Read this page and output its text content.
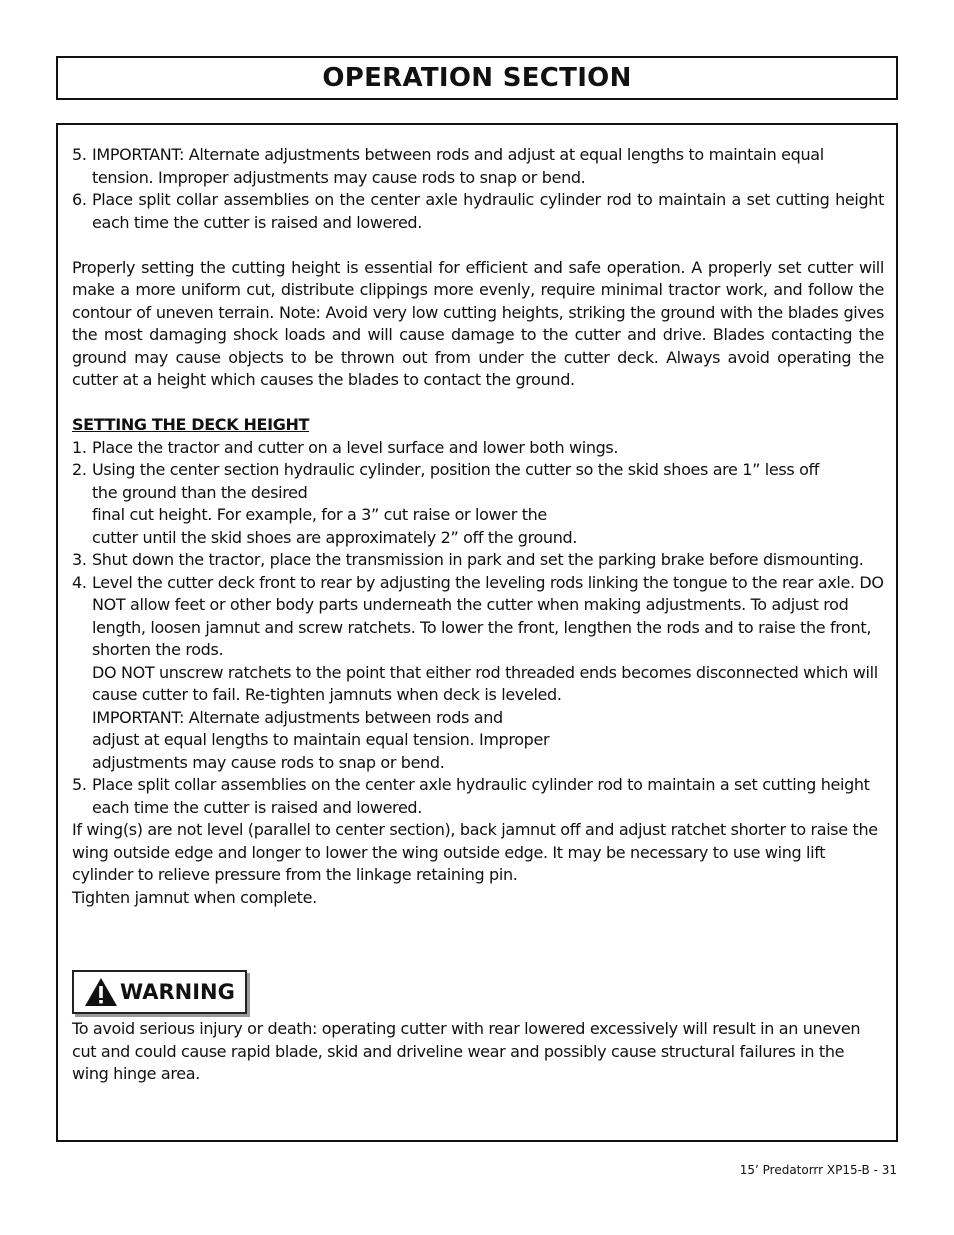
OPERATION SECTION
5. IMPORTANT: Alternate adjustments between rods and adjust at equal lengths to maintain equal tension. Improper adjustments may cause rods to snap or bend.
6. Place split collar assemblies on the center axle hydraulic cylinder rod to maintain a set cutting height each time the cutter is raised and lowered.
Properly setting the cutting height is essential for efficient and safe operation. A properly set cutter will make a more uniform cut, distribute clippings more evenly, require minimal tractor work, and follow the contour of uneven terrain. Note: Avoid very low cutting heights, striking the ground with the blades gives the most damaging shock loads and will cause damage to the cutter and drive. Blades contacting the ground may cause objects to be thrown out from under the cutter deck. Always avoid operating the cutter at a height which causes the blades to contact the ground.
SETTING THE DECK HEIGHT
1. Place the tractor and cutter on a level surface and lower both wings.
2. Using the center section hydraulic cylinder, position the cutter so the skid shoes are 1” less off
the ground than the desired
final cut height. For example, for a 3” cut raise or lower the
cutter until the skid shoes are approximately 2” off the ground.
3. Shut down the tractor, place the transmission in park and set the parking brake before dismounting.
4. Level the cutter deck front to rear by adjusting the leveling rods linking the tongue to the rear axle. DO NOT allow feet or other body parts underneath the cutter when making adjustments. To adjust rod length, loosen jamnut and screw ratchets. To lower the front, lengthen the rods and to raise the front, shorten the rods.
DO NOT unscrew ratchets to the point that either rod threaded ends becomes disconnected which will cause cutter to fail. Re-tighten jamnuts when deck is leveled.
IMPORTANT: Alternate adjustments between rods and
adjust at equal lengths to maintain equal tension. Improper
adjustments may cause rods to snap or bend.
5. Place split collar assemblies on the center axle hydraulic cylinder rod to maintain a set cutting height each time the cutter is raised and lowered.
If wing(s) are not level (parallel to center section), back jamnut off and adjust ratchet shorter to raise the wing outside edge and longer to lower the wing outside edge. It may be necessary to use wing lift cylinder to relieve pressure from the linkage retaining pin.
Tighten jamnut when complete.
WARNING
To avoid serious injury or death: operating cutter with rear lowered excessively will result in an uneven cut and could cause rapid blade, skid and driveline wear and possibly cause structural failures in the wing hinge area.
15’ Predatorrr XP15-B - 31
